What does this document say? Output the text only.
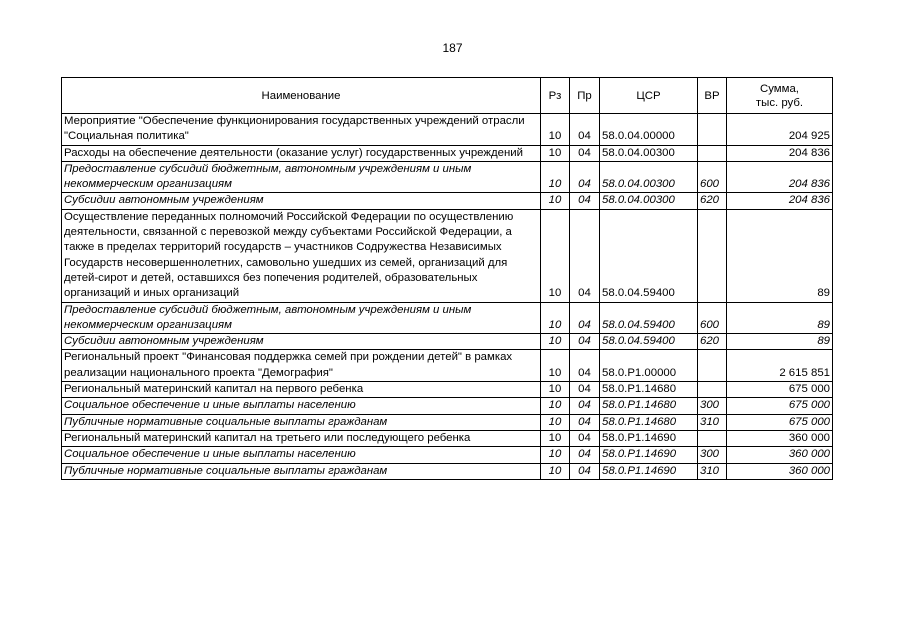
187
Наименование	Рз	Пр	ЦСР	ВР	Сумма,
тыс. руб.

Мероприятие "Обеспечение функционирования государственных учреждений отрасли "Социальная политика"	10	04	58.0.04.00000		204 925
Расходы на обеспечение деятельности (оказание услуг) государственных учреждений	10	04	58.0.04.00300		204 836
Предоставление субсидий бюджетным, автономным учреждениям и иным некоммерческим организациям	10	04	58.0.04.00300	600	204 836
Субсидии автономным учреждениям	10	04	58.0.04.00300	620	204 836
Осуществление переданных полномочий Российской Федерации по осуществлению деятельности, связанной с перевозкой между субъектами Российской Федерации, а также в пределах территорий государств – участников Содружества Независимых Государств несовершеннолетних, самовольно ушедших из семей, организаций для детей-сирот и детей, оставшихся без попечения родителей, образовательных организаций и иных организаций	10	04	58.0.04.59400		89
Предоставление субсидий бюджетным, автономным учреждениям и иным некоммерческим организациям	10	04	58.0.04.59400	600	89
Субсидии автономным учреждениям	10	04	58.0.04.59400	620	89
Региональный проект "Финансовая поддержка семей при рождении детей" в рамках реализации национального проекта "Демография"	10	04	58.0.P1.00000		2 615 851
Региональный материнский капитал на первого ребенка	10	04	58.0.P1.14680		675 000
Социальное обеспечение и иные выплаты населению	10	04	58.0.P1.14680	300	675 000
Публичные нормативные социальные выплаты гражданам	10	04	58.0.P1.14680	310	675 000
Региональный материнский капитал на третьего или последующего ребенка	10	04	58.0.P1.14690		360 000
Социальное обеспечение и иные выплаты населению	10	04	58.0.P1.14690	300	360 000
Публичные нормативные социальные выплаты гражданам	10	04	58.0.P1.14690	310	360 000
